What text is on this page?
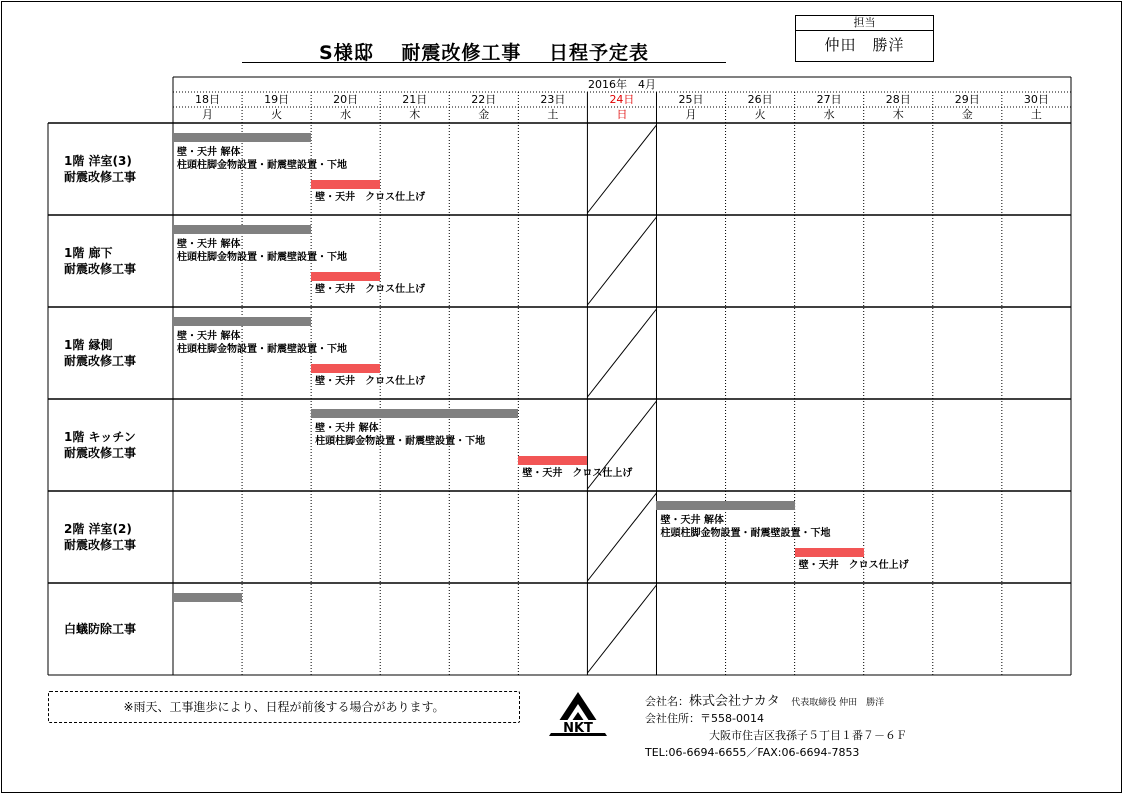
S様邸　 耐震改修工事　 日程予定表
担当
仲田　勝洋
2016年　4月
18日
月
19日
火
20日
水
21日
木
22日
金
23日
土
24日
日
25日
月
26日
火
27日
水
28日
木
29日
金
30日
土
1階 洋室(3)
耐震改修工事
壁・天井 解体
柱頭柱脚金物設置・耐震壁設置・下地
壁・天井　クロス仕上げ
1階 廊下
耐震改修工事
壁・天井 解体
柱頭柱脚金物設置・耐震壁設置・下地
壁・天井　クロス仕上げ
1階 縁側
耐震改修工事
壁・天井 解体
柱頭柱脚金物設置・耐震壁設置・下地
壁・天井　クロス仕上げ
1階 キッチン
耐震改修工事
壁・天井 解体
柱頭柱脚金物設置・耐震壁設置・下地
壁・天井　クロス仕上げ
2階 洋室(2)
耐震改修工事
壁・天井 解体
柱頭柱脚金物設置・耐震壁設置・下地
壁・天井　クロス仕上げ
白蟻防除工事
※雨天、工事進歩により、日程が前後する場合があります。
NKT
会社名：株式会社ナカタ 代表取締役 仲田　勝洋
会社住所：〒558-0014
大阪市住吉区我孫子５丁目１番７－６Ｆ
TEL:06-6694-6655／FAX:06-6694-7853
